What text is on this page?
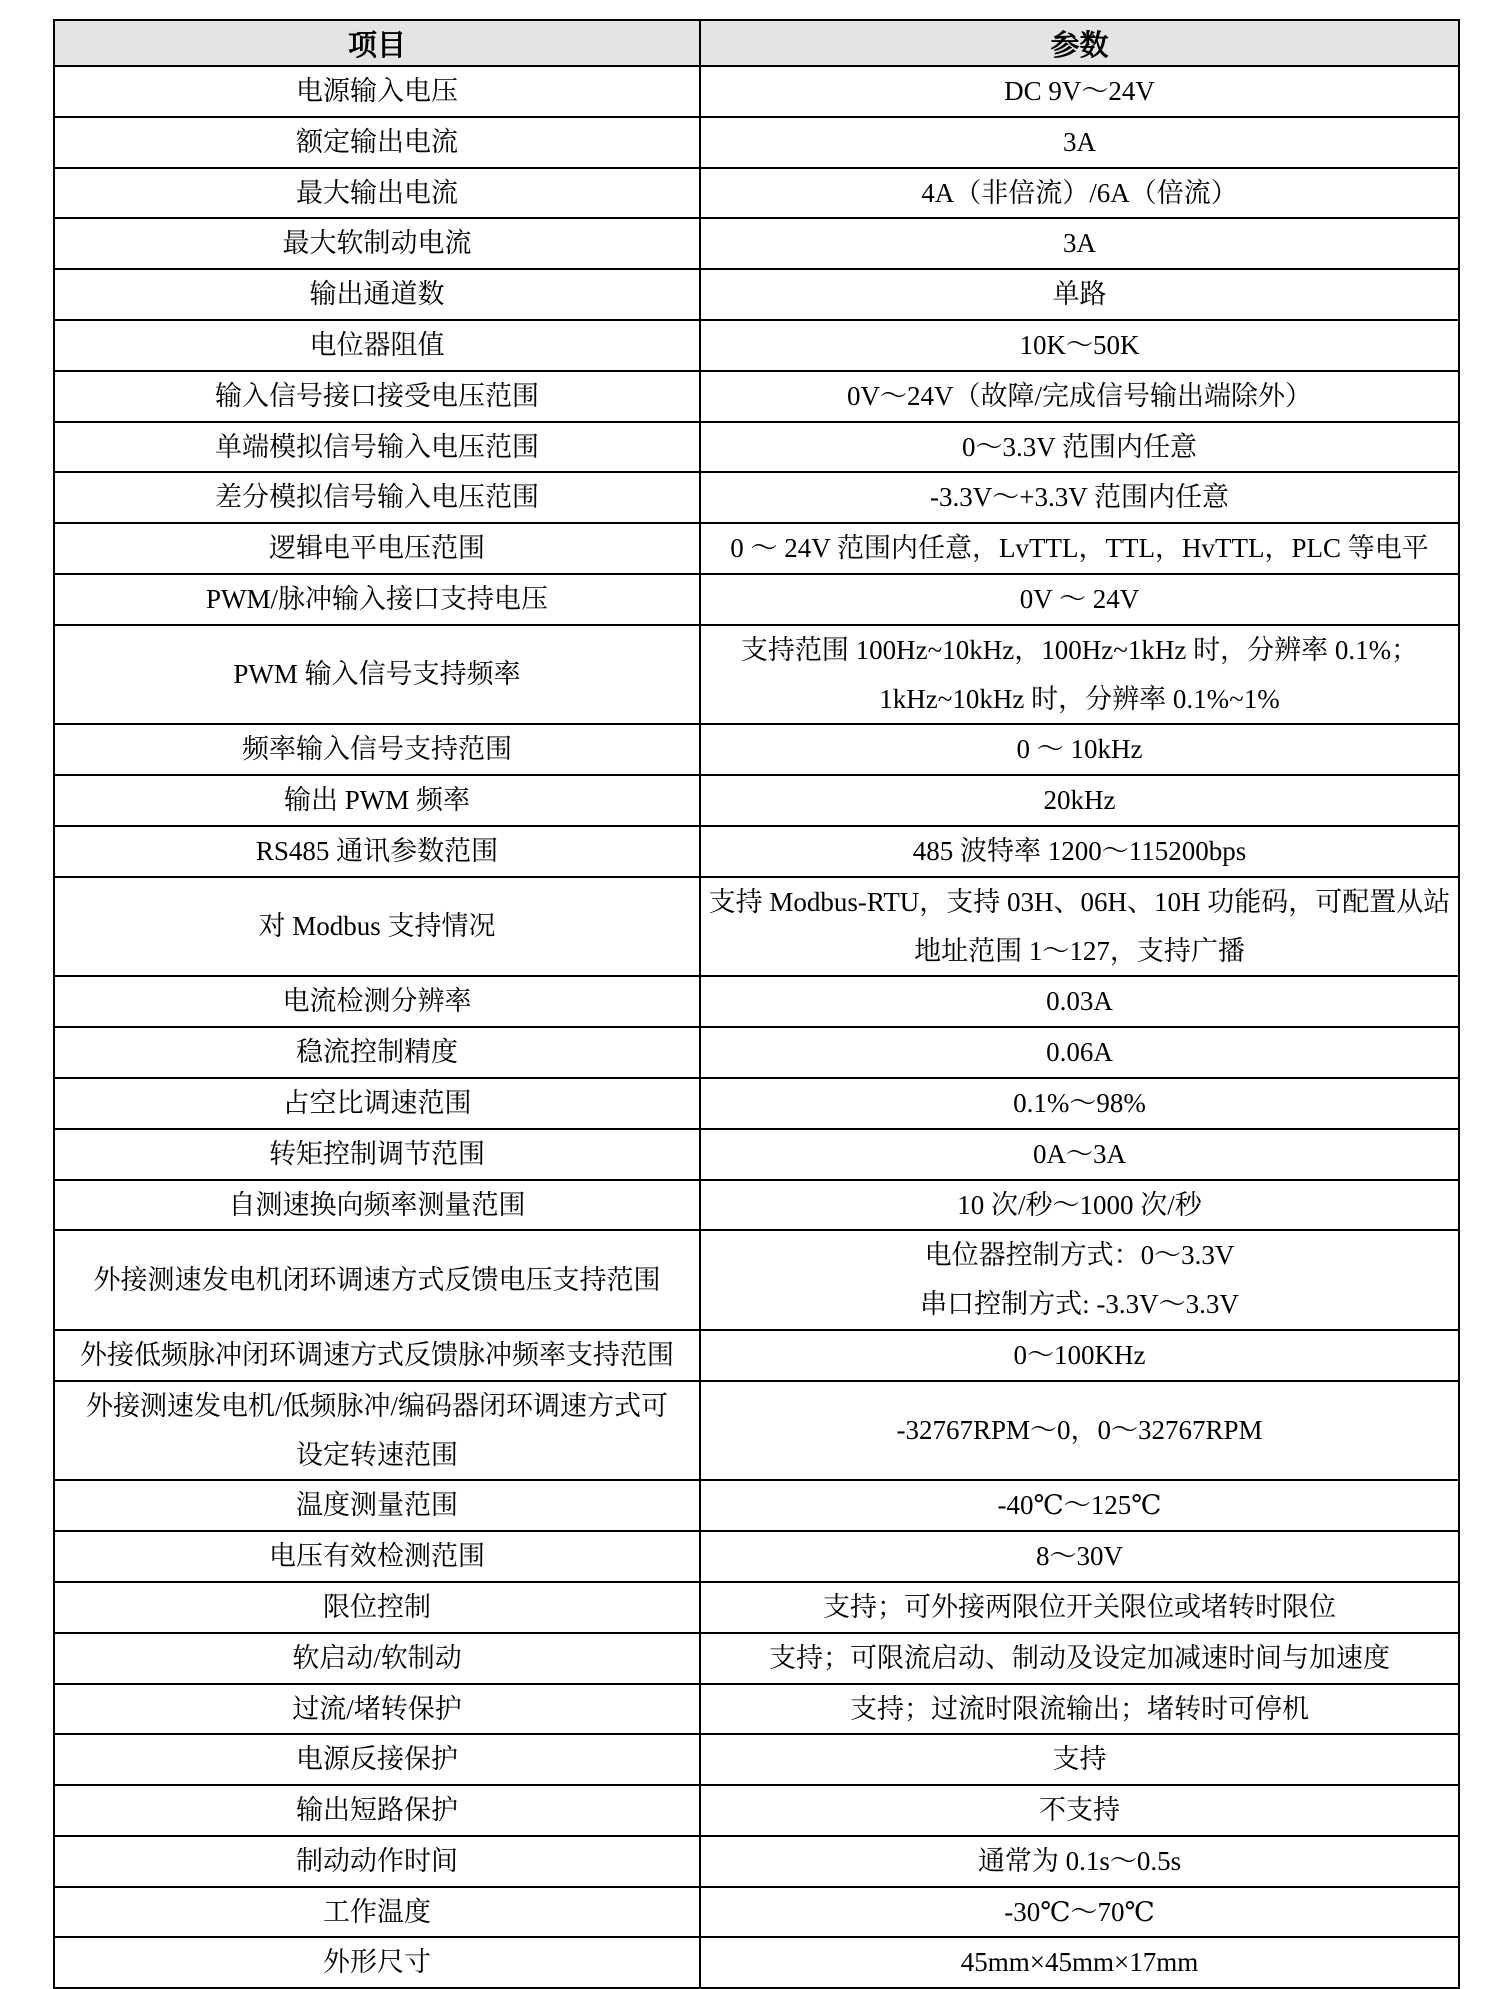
项目	参数

电源输入电压	DC 9V～24V

额定输出电流	3A

最大输出电流	4A（非倍流）/6A（倍流）

最大软制动电流	3A

输出通道数	单路

电位器阻值	10K～50K

输入信号接口接受电压范围	0V～24V（故障/完成信号输出端除外）

单端模拟信号输入电压范围	0～3.3V 范围内任意

差分模拟信号输入电压范围	-3.3V～+3.3V 范围内任意

逻辑电平电压范围	0 ～ 24V 范围内任意，LvTTL，TTL，HvTTL，PLC 等电平

PWM/脉冲输入接口支持电压	0V ～ 24V

PWM 输入信号支持频率	支持范围 100Hz~10kHz，100Hz~1kHz 时，分辨率 0.1%；
1kHz~10kHz 时，分辨率 0.1%~1%

频率输入信号支持范围	0 ～ 10kHz

输出 PWM 频率	20kHz

RS485 通讯参数范围	485 波特率 1200～115200bps

对 Modbus 支持情况	支持 Modbus-RTU，支持 03H、06H、10H 功能码，可配置从站
地址范围 1～127，支持广播

电流检测分辨率	0.03A

稳流控制精度	0.06A

占空比调速范围	0.1%～98%

转矩控制调节范围	0A～3A

自测速换向频率测量范围	10 次/秒～1000 次/秒

外接测速发电机闭环调速方式反馈电压支持范围	电位器控制方式：0～3.3V
串口控制方式: -3.3V～3.3V

外接低频脉冲闭环调速方式反馈脉冲频率支持范围	0～100KHz

外接测速发电机/低频脉冲/编码器闭环调速方式可
设定转速范围	-32767RPM～0，0～32767RPM

温度测量范围	-40℃～125℃

电压有效检测范围	8～30V

限位控制	支持；可外接两限位开关限位或堵转时限位

软启动/软制动	支持；可限流启动、制动及设定加减速时间与加速度

过流/堵转保护	支持；过流时限流输出；堵转时可停机

电源反接保护	支持

输出短路保护	不支持

制动动作时间	通常为 0.1s～0.5s

工作温度	-30℃～70℃

外形尺寸	45mm×45mm×17mm
